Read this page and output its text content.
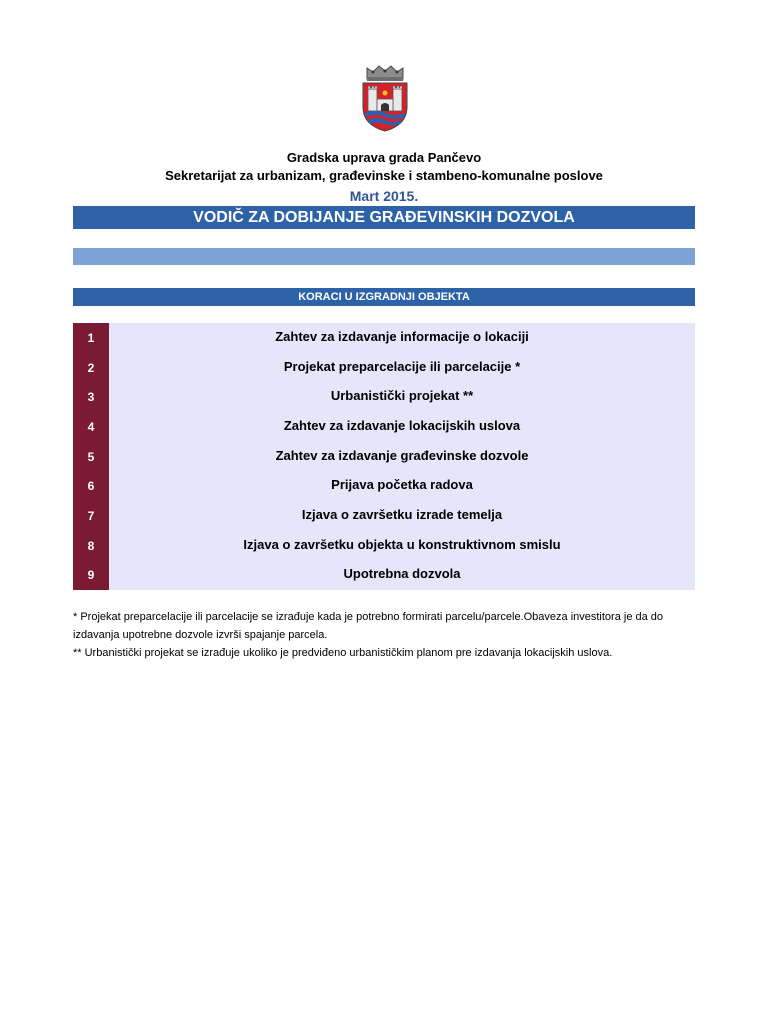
Gradska uprava grada Pančevo
Sekretarijat za urbanizam, građevinske i stambeno-komunalne poslove
Mart 2015.
VODIČ ZA DOBIJANJE GRAĐEVINSKIH DOZVOLA
KORACI U IZGRADNJI OBJEKTA
1	Zahtev za izdavanje informacije o lokaciji
2	Projekat preparcelacije ili parcelacije *
3	Urbanistički projekat **
4	Zahtev za izdavanje lokacijskih uslova
5	Zahtev za izdavanje građevinske dozvole
6	Prijava početka radova
7	Izjava o završetku izrade temelja
8	Izjava o završetku objekta u konstruktivnom smislu
9	Upotrebna dozvola

* Projekat preparcelacije ili parcelacije se izrađuje kada je potrebno formirati parcelu/parcele.Obaveza investitora je da do izdavanja upotrebne dozvole izvrši spajanje parcela.

** Urbanistički projekat se izrađuje ukoliko je predviđeno urbanističkim planom pre izdavanja lokacijskih uslova.
